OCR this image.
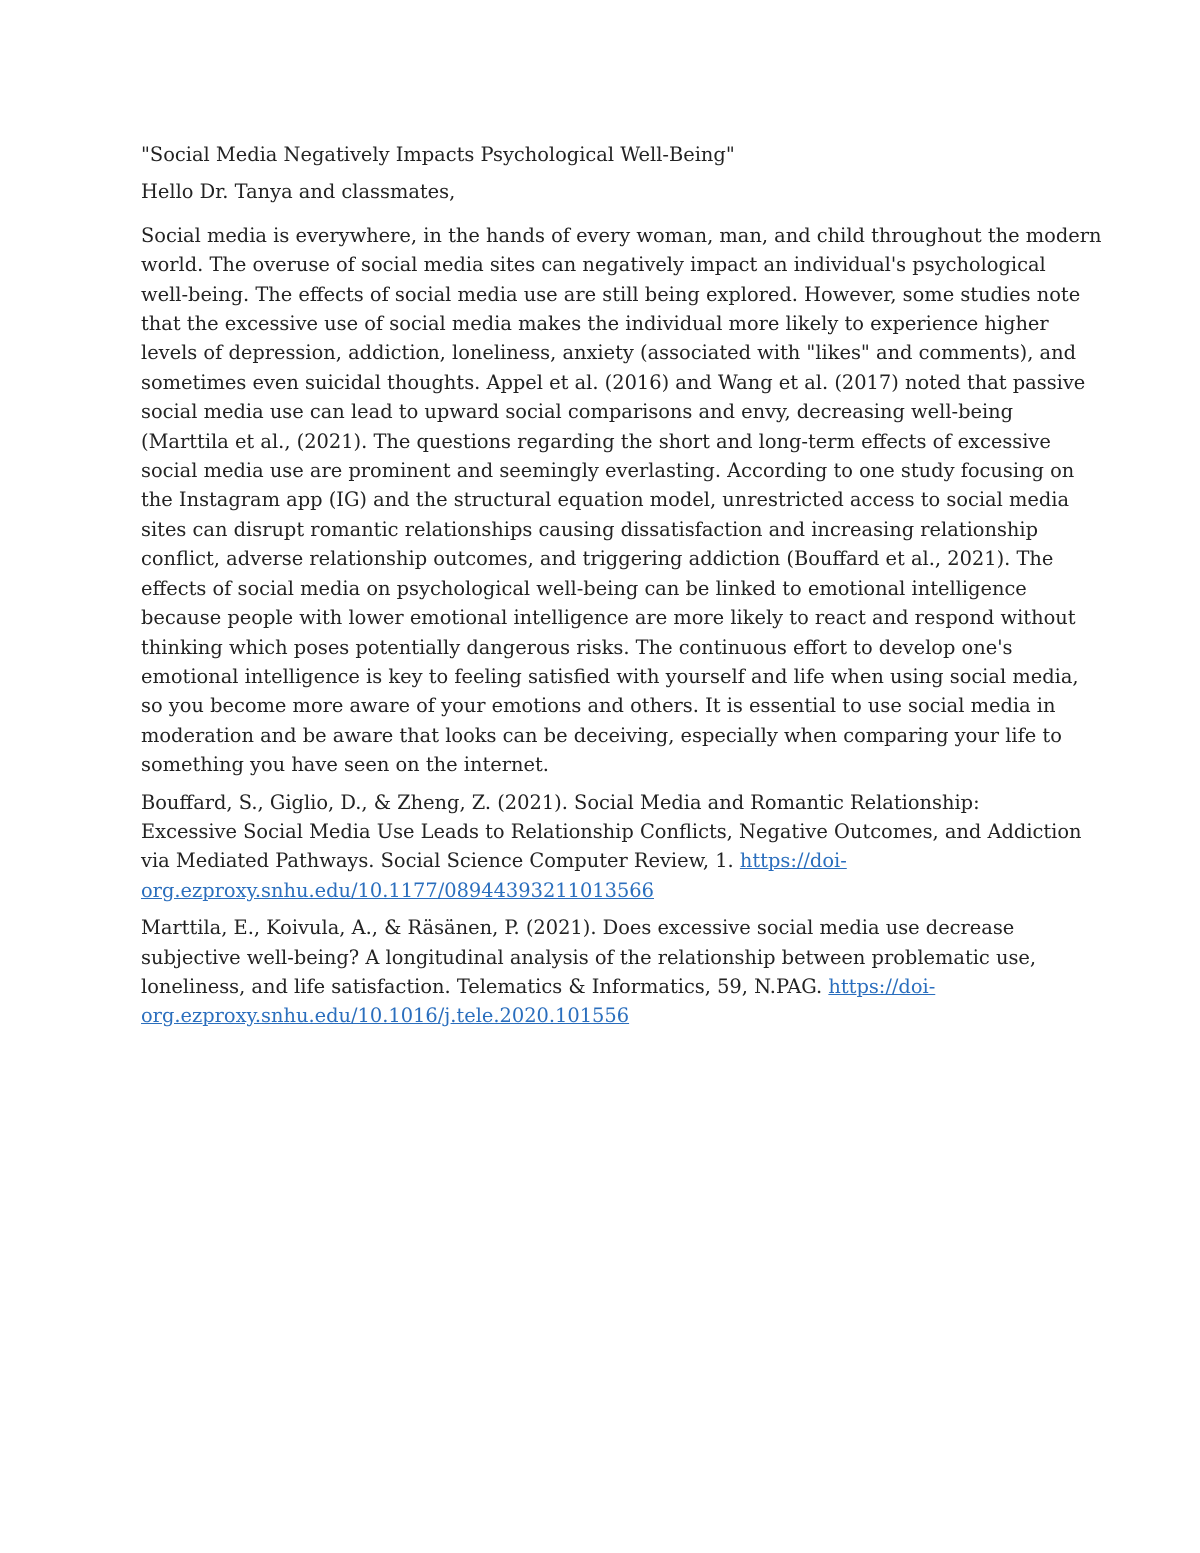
"Social Media Negatively Impacts Psychological Well-Being"

Hello Dr. Tanya and classmates,

Social media is everywhere, in the hands of every woman, man, and child throughout the modern
world. The overuse of social media sites can negatively impact an individual's psychological
well-being. The effects of social media use are still being explored. However, some studies note
that the excessive use of social media makes the individual more likely to experience higher
levels of depression, addiction, loneliness, anxiety (associated with "likes" and comments), and
sometimes even suicidal thoughts. Appel et al. (2016) and Wang et al. (2017) noted that passive
social media use can lead to upward social comparisons and envy, decreasing well-being
(Marttila et al., (2021). The questions regarding the short and long-term effects of excessive
social media use are prominent and seemingly everlasting. According to one study focusing on
the Instagram app (IG) and the structural equation model, unrestricted access to social media
sites can disrupt romantic relationships causing dissatisfaction and increasing relationship
conflict, adverse relationship outcomes, and triggering addiction (Bouffard et al., 2021). The
effects of social media on psychological well-being can be linked to emotional intelligence
because people with lower emotional intelligence are more likely to react and respond without
thinking which poses potentially dangerous risks. The continuous effort to develop one's
emotional intelligence is key to feeling satisfied with yourself and life when using social media,
so you become more aware of your emotions and others. It is essential to use social media in
moderation and be aware that looks can be deceiving, especially when comparing your life to
something you have seen on the internet.

Bouffard, S., Giglio, D., & Zheng, Z. (2021). Social Media and Romantic Relationship:
Excessive Social Media Use Leads to Relationship Conflicts, Negative Outcomes, and Addiction
via Mediated Pathways. Social Science Computer Review, 1. https://doi-
org.ezproxy.snhu.edu/10.1177/08944393211013566

Marttila, E., Koivula, A., & Räsänen, P. (2021). Does excessive social media use decrease
subjective well-being? A longitudinal analysis of the relationship between problematic use,
loneliness, and life satisfaction. Telematics & Informatics, 59, N.PAG. https://doi-
org.ezproxy.snhu.edu/10.1016/j.tele.2020.101556
